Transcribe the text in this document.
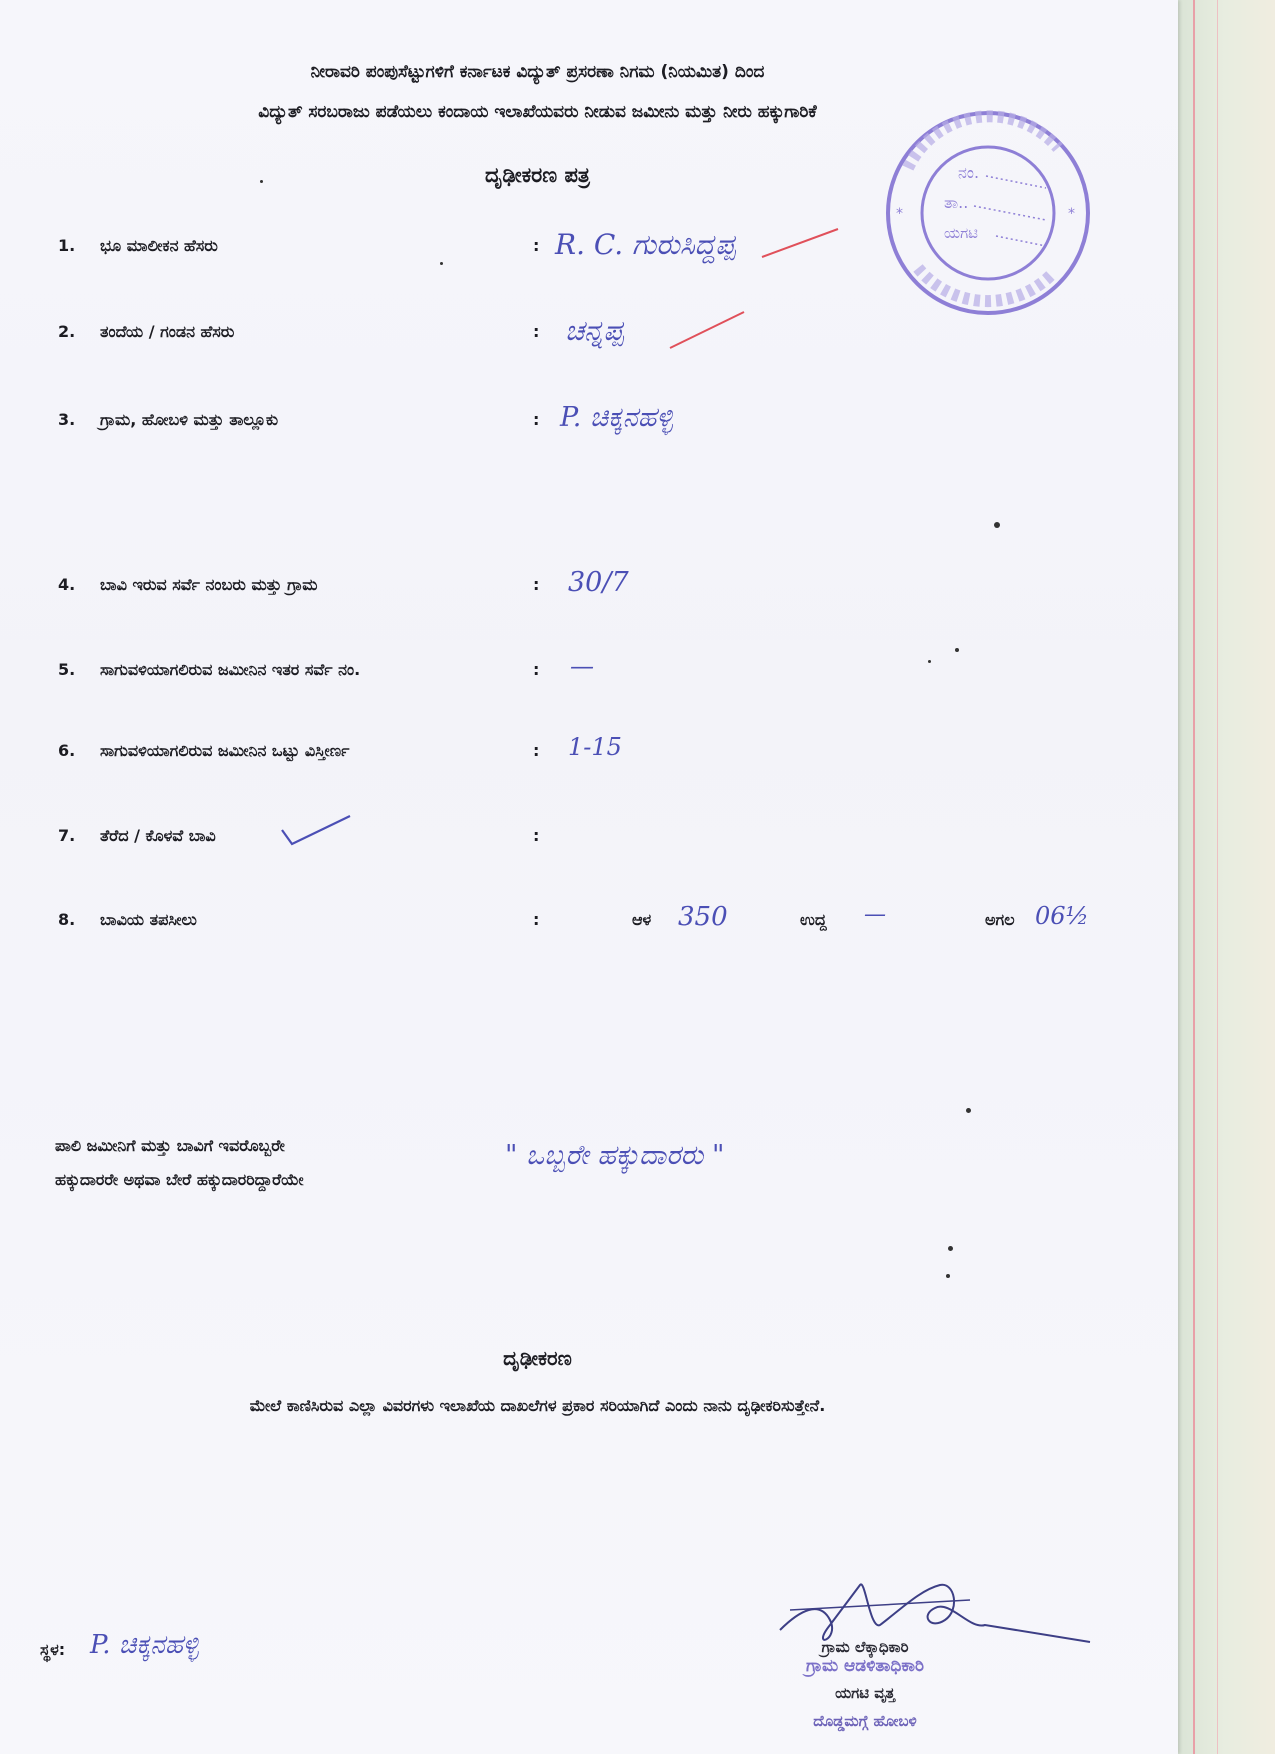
ನೀರಾವರಿ ಪಂಪುಸೆಟ್ಟುಗಳಿಗೆ ಕರ್ನಾಟಕ ವಿದ್ಯುತ್ ಪ್ರಸರಣಾ ನಿಗಮ (ನಿಯಮಿತ) ದಿಂದ
ವಿದ್ಯುತ್ ಸರಬರಾಜು ಪಡೆಯಲು ಕಂದಾಯ ಇಲಾಖೆಯವರು ನೀಡುವ ಜಮೀನು ಮತ್ತು ನೀರು ಹಕ್ಕುಗಾರಿಕೆ
ದೃಢೀಕರಣ ಪತ್ರ	ನಂ.
ತಾ..
ಯಗಟಿ
*	*
1. ಭೂ ಮಾಲೀಕನ ಹೆಸರು	: R. C. ಗುರುಸಿದ್ದಪ್ಪ
2. ತಂದೆಯ / ಗಂಡನ ಹೆಸರು	: ಚನ್ನಪ್ಪ
3. ಗ್ರಾಮ, ಹೋಬಳಿ ಮತ್ತು ತಾಲ್ಲೂಕು	: P. ಚಿಕ್ಕನಹಳ್ಳಿ
4. ಬಾವಿ ಇರುವ ಸರ್ವೆ ನಂಬರು ಮತ್ತು ಗ್ರಾಮ	: 30/7
5. ಸಾಗುವಳಿಯಾಗಲಿರುವ ಜಮೀನಿನ ಇತರ ಸರ್ವೆ ನಂ.	: —
6. ಸಾಗುವಳಿಯಾಗಲಿರುವ ಜಮೀನಿನ ಒಟ್ಟು ವಿಸ್ತೀರ್ಣ	: 1-15
7. ತೆರೆದ / ಕೊಳವೆ ಬಾವಿ	:
8. ಬಾವಿಯ ತಪಸೀಲು	:	ಆಳ 350	ಉದ್ದ —	ಅಗಲ 06½
ಪಾಲಿ ಜಮೀನಿಗೆ ಮತ್ತು ಬಾವಿಗೆ ಇವರೊಬ್ಬರೇ
ಹಕ್ಕುದಾರರೇ ಅಥವಾ ಬೇರೆ ಹಕ್ಕುದಾರರಿದ್ದಾರೆಯೇ
" ಒಬ್ಬರೇ ಹಕ್ಕುದಾರರು "
ದೃಢೀಕರಣ
ಮೇಲೆ ಕಾಣಿಸಿರುವ ಎಲ್ಲಾ ವಿವರಗಳು ಇಲಾಖೆಯ ದಾಖಲೆಗಳ ಪ್ರಕಾರ ಸರಿಯಾಗಿದೆ ಎಂದು ನಾನು ದೃಢೀಕರಿಸುತ್ತೇನೆ.
ಸ್ಥಳ: P. ಚಿಕ್ಕನಹಳ್ಳಿ	ಗ್ರಾಮ ಲೆಕ್ಕಾಧಿಕಾರಿ
ಗ್ರಾಮ ಆಡಳಿತಾಧಿಕಾರಿ
ಯಗಟಿ ವೃತ್ತ
ದೊಡ್ಡಮಗ್ಗೆ ಹೋಬಳಿ
